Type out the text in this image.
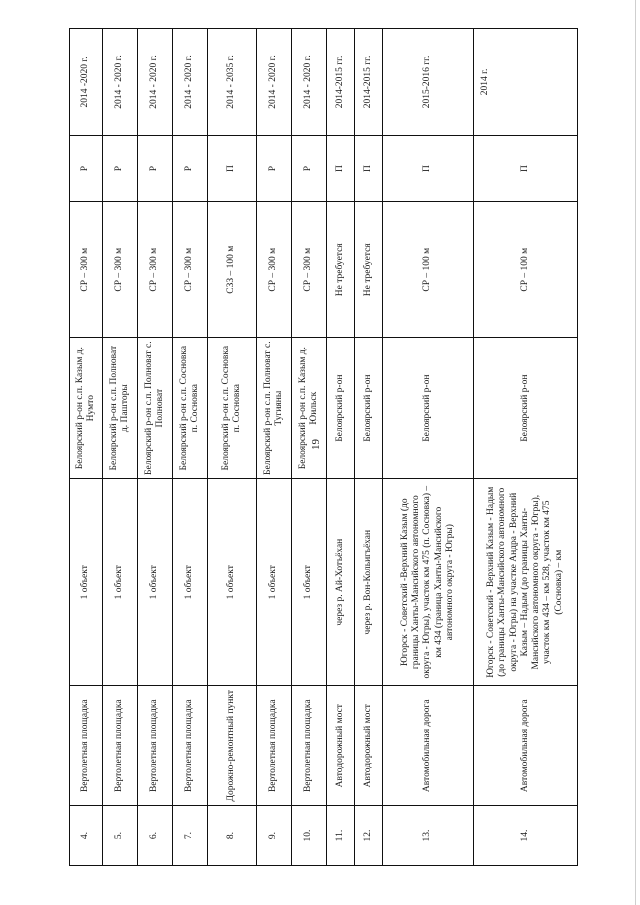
19
4.	Вертолетная площадка	1 объект	Белоярский р-он с.п. Казым д. Нумто	СР – 300 м	Р	2014 -2020 г.
5.	Вертолетная площадка	1 объект	Белоярский р-он с.п. Полноват д. Пашторы	СР – 300 м	Р	2014 - 2020 г.
6.	Вертолетная площадка	1 объект	Белоярский р-он с.п. Полноват с. Полноват	СР – 300 м	Р	2014 - 2020 г.
7.	Вертолетная площадка	1 объект	Белоярский р-он с.п. Сосновка п. Сосновка	СР – 300 м	Р	2014 - 2020 г.
8.	Дорожно-ремонтный пункт	1 объект	Белоярский р-он с.п. Сосновка п. Сосновка	СЗЗ – 100 м	П	2014 - 2035 г.
9.	Вертолетная площадка	1 объект	Белоярский р-он с.п. Полноват с. Тугияны	СР – 300 м	Р	2014 - 2020 г.
10.	Вертолетная площадка	1 объект	Белоярский р-он с.п. Казым д. Юильск	СР – 300 м	Р	2014 - 2020 г.
11.	Автодорожный мост	через р. Ай-Хотъёхан	Белоярский р-он	Не требуется	П	2014-2015 гг.
12.	Автодорожный мост	через р. Вон-Кольигъёхан	Белоярский р-он	Не требуется	П	2014-2015 гг.
13.	Автомобильная дорога	Югорск - Советский -Верхний Казым (до границы Ханты-Мансийского автономного округа - Югры), участок км 475 (п. Сосновка) – км 434 (граница Ханты-Мансийского автономного округа - Югры)	Белоярский р-он	СР – 100 м	П	2015-2016 гг.
14.	Автомобильная дорога	Югорск - Советский - Верхний Казым - Надым (до границы Ханты-Мансийского автономного округа - Югры) на участке Андра - Верхний Казым – Надым (до границы Ханты-Мансийского автономного округа - Югры), участок км 434 – км 528, участок км 475 (Сосновка) – км	Белоярский р-он	СР – 100 м	П	2014 г.
